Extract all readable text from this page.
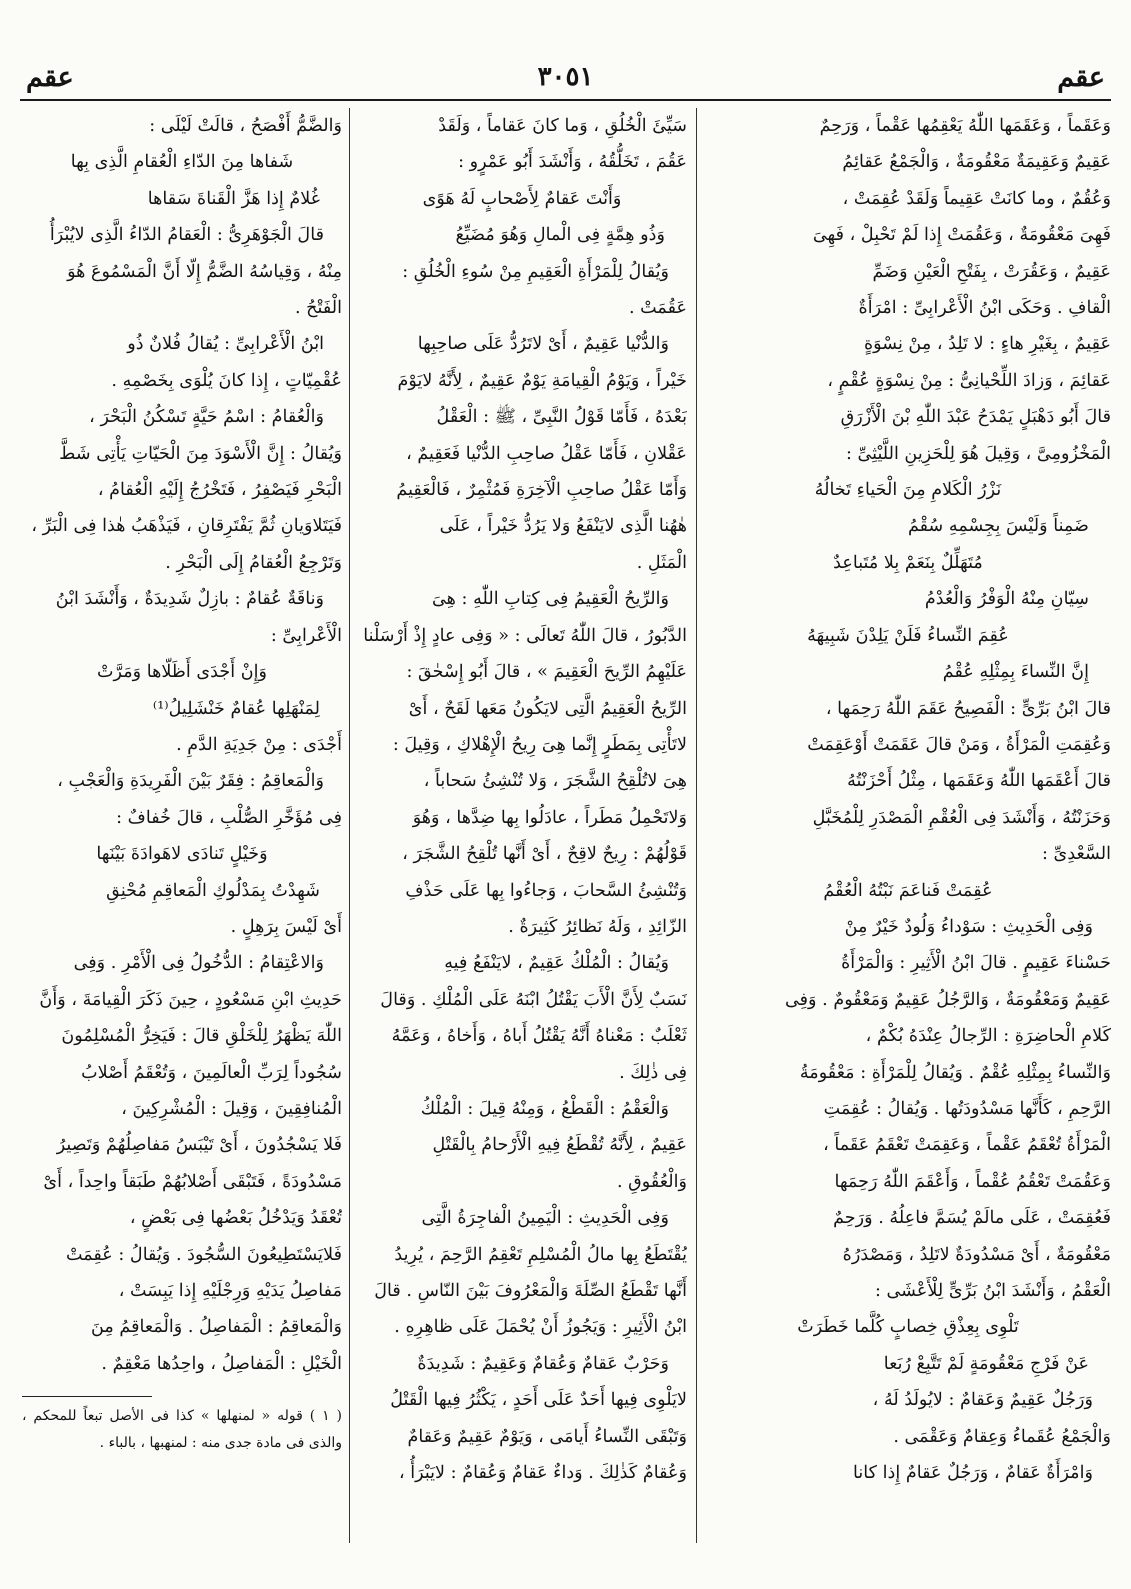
عقم
٣٠٥١
عقم

وَعَقَماً ، وَعَقَمَها اللّٰهُ يَعْقِمُها عَقْماً ، وَرَحِمٌ

عَقِيمٌ وَعَقِيمَةٌ مَعْقُومَةٌ ، وَالْجَمْعُ عَقائِمُ

وَعُقُمٌ ، وما كانَتْ عَقِيماً وَلَقَدْ عُقِمَتْ ،

فَهِىَ مَعْقُومَةٌ ، وَعَقُمَتْ إِذا لَمْ تَحْبِلْ ، فَهِىَ

عَقِيمٌ ، وَعَقُرَتْ ، بِفَتْحِ الْعَيْنِ وَضَمِّ

الْقافِ . وَحَكَى ابْنُ الْأَعْرابِىِّ : امْرَأَةٌ

عَقِيمٌ ، بِغَيْرِ هاءٍ : لا تَلِدُ ، مِنْ نِسْوَةٍ

عَقائِمَ ، وَزادَ اللِّحْيانِىُّ : مِنْ نِسْوَةٍ عُقْمٍ ،

قالَ أَبُو دَهْبَلٍ يَمْدَحُ عَبْدَ اللّٰهِ بْنَ الْأَزْرَقِ

الْمَخْزُومِىَّ ، وَقِيلَ هُوَ لِلْحَزِينِ اللَّيْثِىِّ :

نَزْرُ الْكَلامِ مِنَ الْحَياءِ تَخالُهُ

ضَمِناً وَلَيْسَ بِجِسْمِهِ سُقْمُ

مُتَهَلِّلٌ بِنَعَمْ بِلا مُتَباعِدٌ

سِيّانِ مِنْهُ الْوَفْرُ وَالْعُدْمُ

عُقِمَ النِّساءُ فَلَنْ يَلِدْنَ شَبِيهَهُ

إِنَّ النِّساءَ بِمِثْلِهِ عُقْمُ

قالَ ابْنُ بَرِّىٍّ : الْفَصِيحُ عَقَمَ اللّٰهُ رَحِمَها ،

وَعُقِمَتِ الْمَرْأَةُ ، وَمَنْ قالَ عَقَمَتْ أَوْعَقِمَتْ

قالَ أَعْقَمَها اللّٰهُ وَعَقَمَها ، مِثْلُ أَحْزَنْتُهُ

وَحَزَنْتُهُ ، وَأَنْشَدَ فِى الْعُقْمِ الْمَصْدَرِ لِلْمُخَبَّلِ

السَّعْدِىِّ :

عُقِمَتْ فَناعَمَ نَبْتُهُ الْعُقْمُ

وَفِى الْحَدِيثِ : سَوْداءُ وَلُودٌ خَيْرٌ مِنْ

حَسْناءَ عَقِيمٍ . قالَ ابْنُ الْأَثِيرِ : وَالْمَرْأَةُ

عَقِيمٌ وَمَعْقُومَةٌ ، وَالرَّجُلُ عَقِيمٌ وَمَعْقُومٌ . وَفِى

كَلامِ الْحاضِرَةِ : الرِّجالُ عِنْدَهُ بُكْمٌ ،

وَالنِّساءُ بِمِثْلِهِ عُقْمٌ . وَيُقالُ لِلْمَرْأَةِ : مَعْقُومَةُ

الرَّحِمِ ، كَأَنَّها مَسْدُودَتُها . وَيُقالُ : عُقِمَتِ

الْمَرْأَةُ تُعْقَمُ عَقْماً ، وَعَقِمَتْ تَعْقَمُ عَقَماً ،

وَعَقُمَتْ تَعْقُمُ عُقْماً ، وَأَعْقَمَ اللّٰهُ رَحِمَها

فَعُقِمَتْ ، عَلَى مالَمْ يُسَمَّ فاعِلُهُ . وَرَحِمٌ

مَعْقُومَةٌ ، أَىْ مَسْدُودَةٌ لاتَلِدُ ، وَمَصْدَرُهُ

الْعَقْمُ ، وَأَنْشَدَ ابْنُ بَرِّىٍّ لِلْأَعْشَى :

تَلْوِى بِعِذْقِ خِصابٍ كُلَّما خَطَرَتْ

عَنْ فَرْجِ مَعْقُومَةٍ لَمْ تَتَّبِعْ رُبَعا

وَرَجُلٌ عَقِيمٌ وَعَقامٌ : لايُولَدُ لَهُ ،

وَالْجَمْعُ عُقَماءُ وَعِقامٌ وَعَقْمَى .

وَامْرَأَةٌ عَقامٌ ، وَرَجُلٌ عَقامٌ إِذا كانا

سَيِّئَ الْخُلُقِ ، وَما كانَ عَقاماً ، وَلَقَدْ

عَقُمَ ، تَخَلُّقُهُ ، وَأَنْشَدَ أَبُو عَمْرٍو :

وَأَنْتَ عَقامٌ لِأَصْحابٍ لَهُ هَوًى

وَذُو هِمَّةٍ فِى الْمالِ وَهُوَ مُضَيِّعُ

وَيُقالُ لِلْمَرْأَةِ الْعَقِيمِ مِنْ سُوءِ الْخُلُقِ :

عَقُمَتْ .

وَالدُّنْيا عَقِيمٌ ، أَىْ لاتَرُدُّ عَلَى صاحِبِها

خَيْراً ، وَيَوْمُ الْقِيامَةِ يَوْمٌ عَقِيمٌ ، لِأَنَّهُ لايَوْمَ

بَعْدَهُ ، فَأَمّا قَوْلُ النَّبِىِّ ، ﷺ : الْعَقْلُ

عَقْلانِ ، فَأَمّا عَقْلُ صاحِبِ الدُّنْيا فَعَقِيمٌ ،

وَأَمّا عَقْلُ صاحِبِ الْآخِرَةِ فَمُثْمِرٌ ، فَالْعَقِيمُ

هٰهُنا الَّذِى لايَنْفَعُ وَلا يَرُدُّ خَيْراً ، عَلَى

الْمَثَلِ .

وَالرِّيحُ الْعَقِيمُ فِى كِتابِ اللّٰهِ : هِىَ

الدَّبُورُ ، قالَ اللّٰهُ تَعالَى : « وَفِى عادٍ إِذْ أَرْسَلْنا

عَلَيْهِمُ الرِّيحَ الْعَقِيمَ » ، قالَ أَبُو إِسْحٰقَ :

الرِّيحُ الْعَقِيمُ الَّتِى لايَكُونُ مَعَها لَقَحٌ ، أَىْ

لاتَأْتِى بِمَطَرٍ إِنَّما هِىَ رِيحُ الْإِهْلاكِ ، وَقِيلَ :

هِىَ لاتُلْقِحُ الشَّجَرَ ، وَلا تُنْشِئُ سَحاباً ،

وَلاتَحْمِلُ مَطَراً ، عادَلُوا بِها ضِدَّها ، وَهُوَ

قَوْلُهُمْ : رِيحٌ لاقِحٌ ، أَىْ أَنَّها تُلْقِحُ الشَّجَرَ ،

وَتُنْشِئُ السَّحابَ ، وَجاءُوا بِها عَلَى حَذْفِ

الزّائِدِ ، وَلَهُ نَظائِرُ كَثِيرَةٌ .

وَيُقالُ : الْمُلْكُ عَقِيمٌ ، لايَنْفَعُ فِيهِ

نَسَبٌ لِأَنَّ الْأَبَ يَقْتُلُ ابْنَهُ عَلَى الْمُلْكِ . وَقالَ

ثَعْلَبٌ : مَعْناهُ أَنَّهُ يَقْتُلُ أَباهُ ، وَأَخاهُ ، وَعَمَّهُ

فِى ذٰلِكَ .

وَالْعَقْمُ : الْقَطْعُ ، وَمِنْهُ قِيلَ : الْمُلْكُ

عَقِيمٌ ، لِأَنَّهُ تُقْطَعُ فِيهِ الْأَرْحامُ بِالْقَتْلِ

وَالْعُقُوقِ .

وَفِى الْحَدِيثِ : الْيَمِينُ الْفاجِرَةُ الَّتِى

يُقْتَطَعُ بِها مالُ الْمُسْلِمِ تَعْقِمُ الرَّحِمَ ، يُرِيدُ

أَنَّها تَقْطَعُ الصِّلَةَ وَالْمَعْرُوفَ بَيْنَ النّاسِ . قالَ

ابْنُ الْأَثِيرِ : وَيَجُوزُ أَنْ يُحْمَلَ عَلَى ظاهِرِهِ .

وَحَرْبٌ عَقامٌ وَعُقامٌ وَعَقِيمٌ : شَدِيدَةٌ

لايَلْوِى فِيها أَحَدٌ عَلَى أَحَدٍ ، يَكْثُرُ فِيها الْقَتْلُ

وَتَبْقَى النِّساءُ أَيامَى ، وَيَوْمٌ عَقِيمٌ وَعَقامٌ

وَعُقامٌ كَذٰلِكَ . وَداءٌ عَقامٌ وَعُقامٌ : لايَبْرَأُ ،

وَالضَّمُّ أَفْصَحُ ، قالَتْ لَيْلَى :

شَفاها مِنَ الدّاءِ الْعُقامِ الَّذِى بِها

غُلامٌ إِذا هَزَّ الْقَناةَ سَقاها

قالَ الْجَوْهَرِىُّ : الْعَقامُ الدّاءُ الَّذِى لايُبْرَأُ

مِنْهُ ، وَقِياسُهُ الضَّمُّ إِلّا أَنَّ الْمَسْمُوعَ هُوَ

الْفَتْحُ .

ابْنُ الْأَعْرابِىِّ : يُقالُ فُلانٌ ذُو

عُقْمِيّاتٍ ، إِذا كانَ يُلْوَى بِخَصْمِهِ .

وَالْعُقامُ : اسْمُ حَيَّةٍ تَسْكُنُ الْبَحْرَ ،

وَيُقالُ : إِنَّ الْأَسْوَدَ مِنَ الْحَيّاتِ يَأْتِى شَطَّ

الْبَحْرِ فَيَصْفِرُ ، فَتَخْرُجُ إِلَيْهِ الْعُقامُ ،

فَيَتَلاوَيانِ ثُمَّ يَفْتَرِقانِ ، فَيَذْهَبُ هٰذا فِى الْبَرِّ ،

وَتَرْجِعُ الْعُقامُ إِلَى الْبَحْرِ .

وَناقَةٌ عُقامٌ : بازِلٌ شَدِيدَةٌ ، وَأَنْشَدَ ابْنُ

الْأَعْرابِىِّ :

وَإِنْ أَجْدَى أَظَلّاها وَمَرَّتْ

لِمَنْهَلِها عُقامٌ خَنْشَلِيلُ⁽¹⁾

أَجْدَى : مِنْ جَدِيَةِ الدَّمِ .

وَالْمَعاقِمُ : فِقَرٌ بَيْنَ الْفَرِيدَةِ وَالْعَجْبِ ،

فِى مُؤَخَّرِ الصُّلْبِ ، قالَ خُفافٌ :

وَخَيْلٍ تَنادَى لاهَوادَةَ بَيْنَها

شَهِدْتُ بِمَدْلُوكِ الْمَعاقِمِ مُحْنِقِ

أَىْ لَيْسَ بِرَهِلٍ .

وَالاعْتِقامُ : الدُّخُولُ فِى الْأَمْرِ . وَفِى

حَدِيثِ ابْنِ مَسْعُودٍ ، حِينَ ذَكَرَ الْقِيامَةَ ، وَأَنَّ

اللّٰهَ يَظْهَرُ لِلْخَلْقِ قالَ : فَيَخِرُّ الْمُسْلِمُونَ

سُجُوداً لِرَبِّ الْعالَمِينَ ، وَتُعْقَمُ أَصْلابُ

الْمُنافِقِينَ ، وَقِيلَ : الْمُشْرِكِينَ ،

فَلا يَسْجُدُونَ ، أَىْ تَيْبَسُ مَفاصِلُهُمْ وَتَصِيرُ

مَسْدُودَةً ، فَتَبْقَى أَصْلابُهُمْ طَبَقاً واحِداً ، أَىْ

تُعْقَدُ وَيَدْخُلُ بَعْضُها فِى بَعْضٍ ،

فَلايَسْتَطِيعُونَ السُّجُودَ . وَيُقالُ : عُقِمَتْ

مَفاصِلُ يَدَيْهِ وَرِجْلَيْهِ إِذا يَبِسَتْ ،

وَالْمَعاقِمُ : الْمَفاصِلُ . وَالْمَعاقِمُ مِنَ

الْخَيْلِ : الْمَفاصِلُ ، واحِدُها مَعْقِمٌ .

( ١ ) قوله « لمنهلها » كذا فى الأصل تبعاً للمحكم ، والذى فى مادة جدى منه : لمنهبها ، بالباء .
